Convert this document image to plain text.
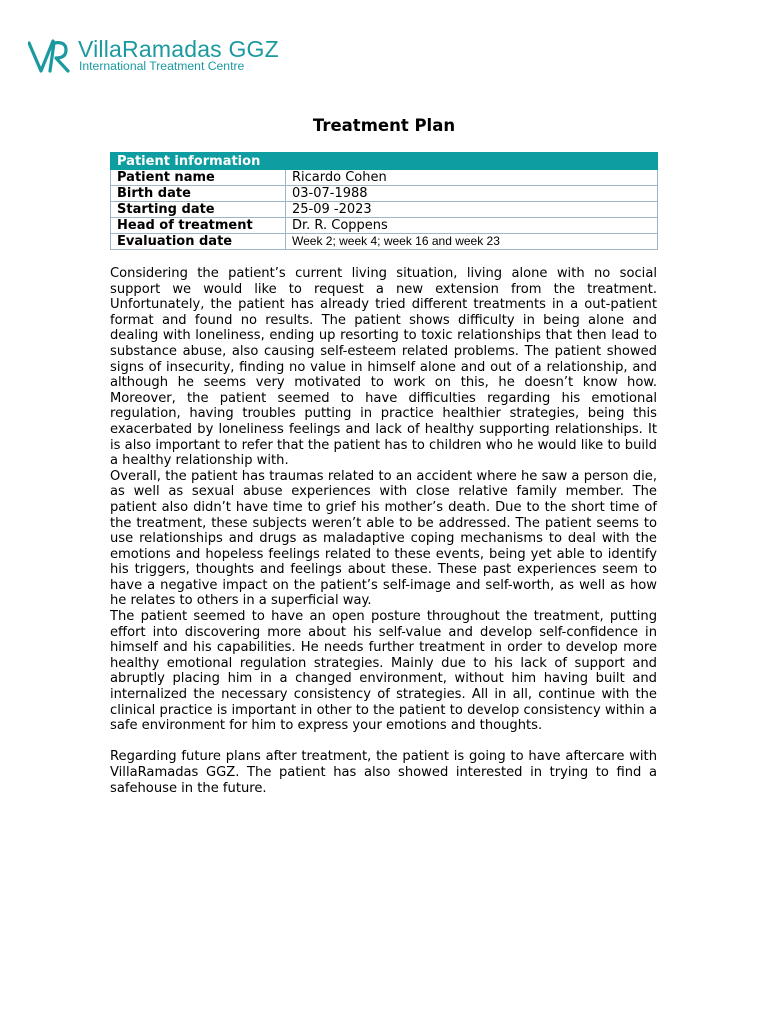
VillaRamadas GGZ
International Treatment Centre
Treatment Plan
Patient information	
Patient name	Ricardo Cohen
Birth date	03-07-1988
Starting date	25-09 -2023
Head of treatment	Dr. R. Coppens
Evaluation date	Week 2; week 4; week 16 and week 23

Considering the patient’s current living situation, living alone with no social support we would like to request a new extension from the treatment. Unfortunately, the patient has already tried different treatments in a out-patient format and found no results. The patient shows difficulty in being alone and dealing with loneliness, ending up resorting to toxic relationships that then lead to substance abuse, also causing self-esteem related problems. The patient showed signs of insecurity, finding no value in himself alone and out of a relationship, and although he seems very motivated to work on this, he doesn’t know how. Moreover, the patient seemed to have difficulties regarding his emotional regulation, having troubles putting in practice healthier strategies, being this exacerbated by loneliness feelings and lack of healthy supporting relationships. It is also important to refer that the patient has to children who he would like to build a healthy relationship with.

Overall, the patient has traumas related to an accident where he saw a person die, as well as sexual abuse experiences with close relative family member. The patient also didn’t have time to grief his mother’s death. Due to the short time of the treatment, these subjects weren’t able to be addressed. The patient seems to use relationships and drugs as maladaptive coping mechanisms to deal with the emotions and hopeless feelings related to these events, being yet able to identify his triggers, thoughts and feelings about these. These past experiences seem to have a negative impact on the patient’s self-image and self-worth, as well as how he relates to others in a superficial way.

The patient seemed to have an open posture throughout the treatment, putting effort into discovering more about his self-value and develop self-confidence in himself and his capabilities. He needs further treatment in order to develop more healthy emotional regulation strategies. Mainly due to his lack of support and abruptly placing him in a changed environment, without him having built and internalized the necessary consistency of strategies. All in all, continue with the clinical practice is important in other to the patient to develop consistency within a safe environment for him to express your emotions and thoughts.

Regarding future plans after treatment, the patient is going to have aftercare with VillaRamadas GGZ. The patient has also showed interested in trying to find a safehouse in the future.
